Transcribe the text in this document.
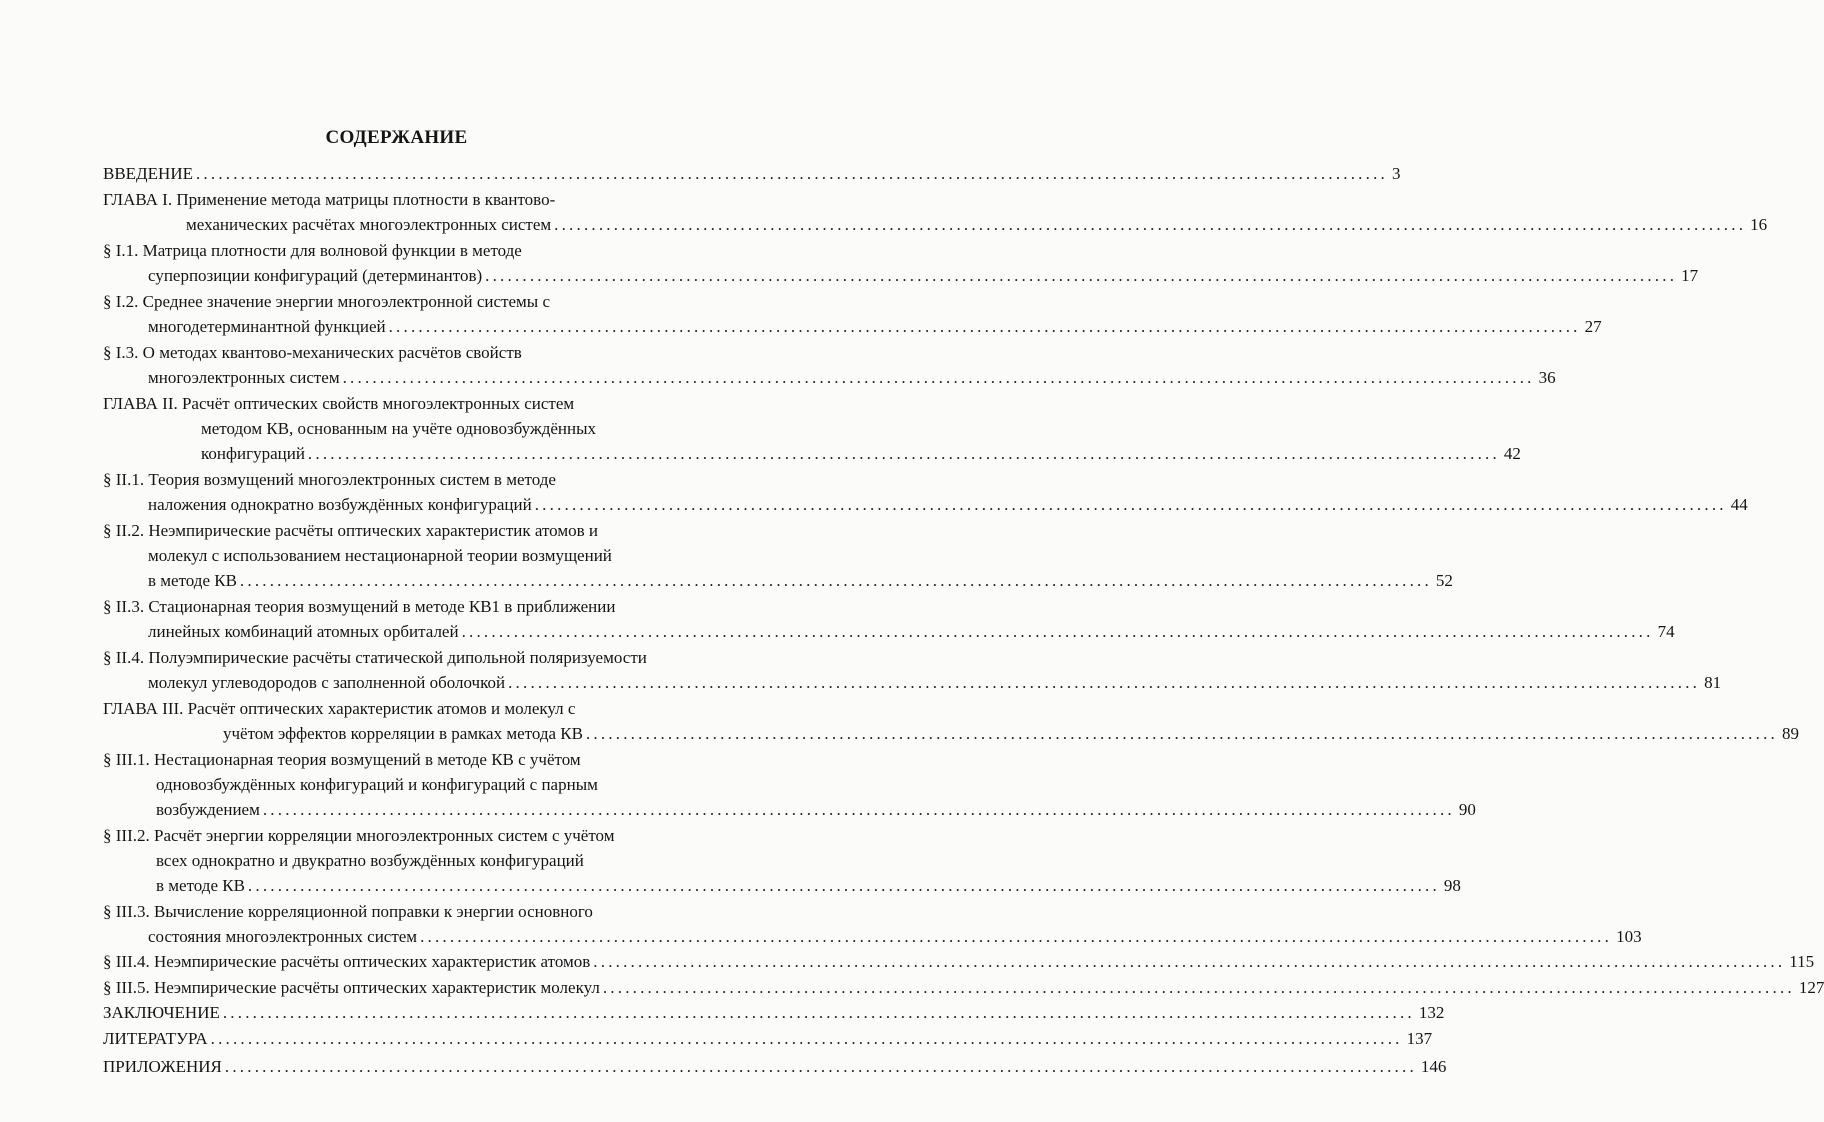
СОДЕРЖАНИЕ
ВВЕДЕНИЕ ................................................................................................................................................................ 3
ГЛАВА I. Применение метода матрицы плотности в квантово-
механических расчётах многоэлектронных систем ................................................................................................................................................................ 16
§ I.1. Матрица плотности для волновой функции в методе
суперпозиции конфигураций (детерминантов) ................................................................................................................................................................ 17
§ I.2. Среднее значение энергии многоэлектронной системы с
многодетерминантной функцией ................................................................................................................................................................ 27
§ I.3. О методах квантово-механических расчётов свойств
многоэлектронных систем ................................................................................................................................................................ 36
ГЛАВА II. Расчёт оптических свойств многоэлектронных систем
методом КВ, основанным на учёте одновозбуждённых
конфигураций ................................................................................................................................................................ 42
§ II.1. Теория возмущений многоэлектронных систем в методе
наложения однократно возбуждённых конфигураций ................................................................................................................................................................ 44
§ II.2. Неэмпирические расчёты оптических характеристик атомов и
молекул с использованием нестационарной теории возмущений
в методе КВ ................................................................................................................................................................ 52
§ II.3. Стационарная теория возмущений в методе КВ1 в приближении
линейных комбинаций атомных орбиталей ................................................................................................................................................................ 74
§ II.4. Полуэмпирические расчёты статической дипольной поляризуемости
молекул углеводородов с заполненной оболочкой ................................................................................................................................................................ 81
ГЛАВА III. Расчёт оптических характеристик атомов и молекул с
учётом эффектов корреляции в рамках метода КВ ................................................................................................................................................................ 89
§ III.1. Нестационарная теория возмущений в методе КВ с учётом
одновозбуждённых конфигураций и конфигураций с парным
возбуждением ................................................................................................................................................................ 90
§ III.2. Расчёт энергии корреляции многоэлектронных систем с учётом
всех однократно и двукратно возбуждённых конфигураций
в методе КВ ................................................................................................................................................................ 98
§ III.3. Вычисление корреляционной поправки к энергии основного
состояния многоэлектронных систем ................................................................................................................................................................ 103
§ III.4. Неэмпирические расчёты оптических характеристик атомов ................................................................................................................................................................ 115
§ III.5. Неэмпирические расчёты оптических характеристик молекул ................................................................................................................................................................ 127
ЗАКЛЮЧЕНИЕ ................................................................................................................................................................ 132
ЛИТЕРАТУРА ................................................................................................................................................................ 137
ПРИЛОЖЕНИЯ ................................................................................................................................................................ 146
